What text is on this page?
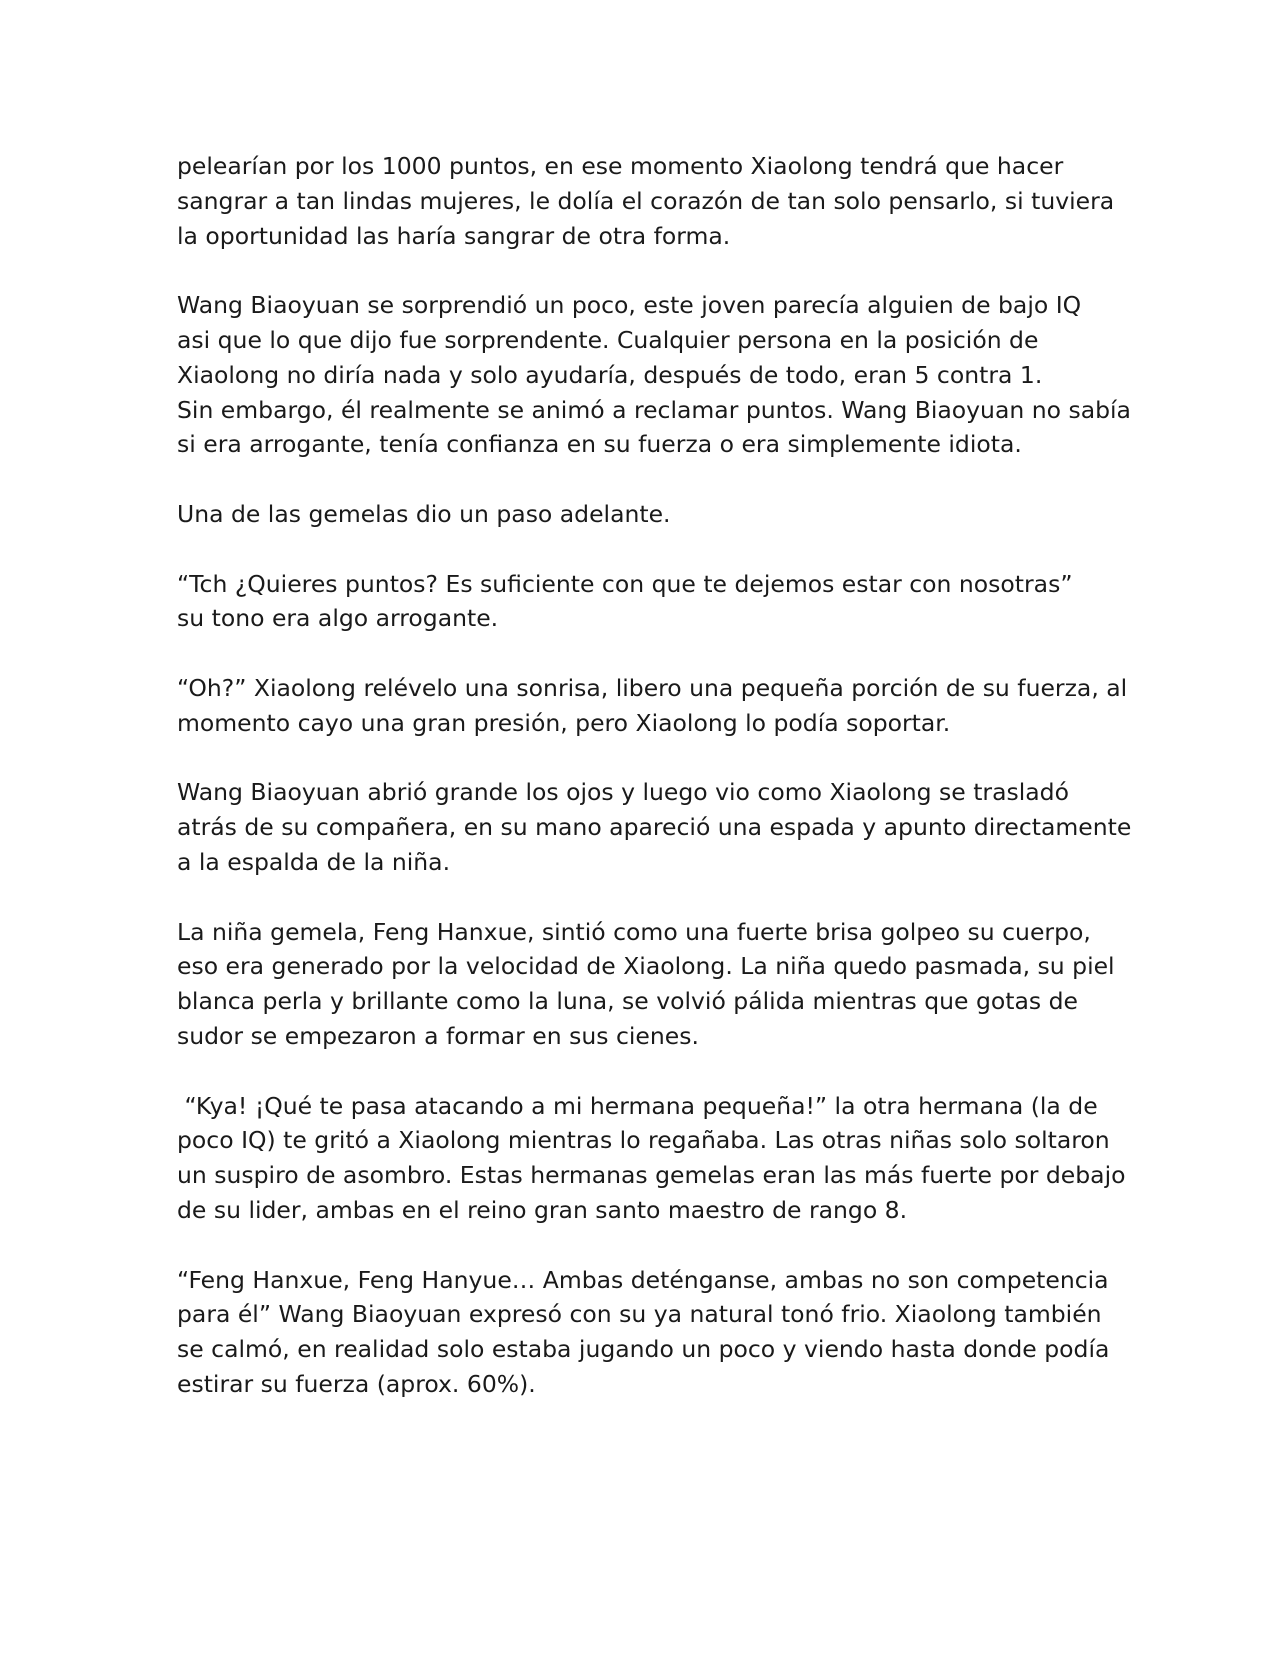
pelearían por los 1000 puntos, en ese momento Xiaolong tendrá que hacer
sangrar a tan lindas mujeres, le dolía el corazón de tan solo pensarlo, si tuviera
la oportunidad las haría sangrar de otra forma.

Wang Biaoyuan se sorprendió un poco, este joven parecía alguien de bajo IQ
asi que lo que dijo fue sorprendente. Cualquier persona en la posición de
Xiaolong no diría nada y solo ayudaría, después de todo, eran 5 contra 1.
Sin embargo, él realmente se animó a reclamar puntos. Wang Biaoyuan no sabía
si era arrogante, tenía confianza en su fuerza o era simplemente idiota.

Una de las gemelas dio un paso adelante.

“Tch ¿Quieres puntos? Es suficiente con que te dejemos estar con nosotras”
su tono era algo arrogante.

“Oh?” Xiaolong relévelo una sonrisa, libero una pequeña porción de su fuerza, al
momento cayo una gran presión, pero Xiaolong lo podía soportar.

Wang Biaoyuan abrió grande los ojos y luego vio como Xiaolong se trasladó
atrás de su compañera, en su mano apareció una espada y apunto directamente
a la espalda de la niña.

La niña gemela, Feng Hanxue, sintió como una fuerte brisa golpeo su cuerpo,
eso era generado por la velocidad de Xiaolong. La niña quedo pasmada, su piel
blanca perla y brillante como la luna, se volvió pálida mientras que gotas de
sudor se empezaron a formar en sus cienes.

“Kya! ¡Qué te pasa atacando a mi hermana pequeña!” la otra hermana (la de
poco IQ) te gritó a Xiaolong mientras lo regañaba. Las otras niñas solo soltaron
un suspiro de asombro. Estas hermanas gemelas eran las más fuerte por debajo
de su lider, ambas en el reino gran santo maestro de rango 8.

“Feng Hanxue, Feng Hanyue… Ambas deténganse, ambas no son competencia
para él” Wang Biaoyuan expresó con su ya natural tonó frio. Xiaolong también
se calmó, en realidad solo estaba jugando un poco y viendo hasta donde podía
estirar su fuerza (aprox. 60%).
